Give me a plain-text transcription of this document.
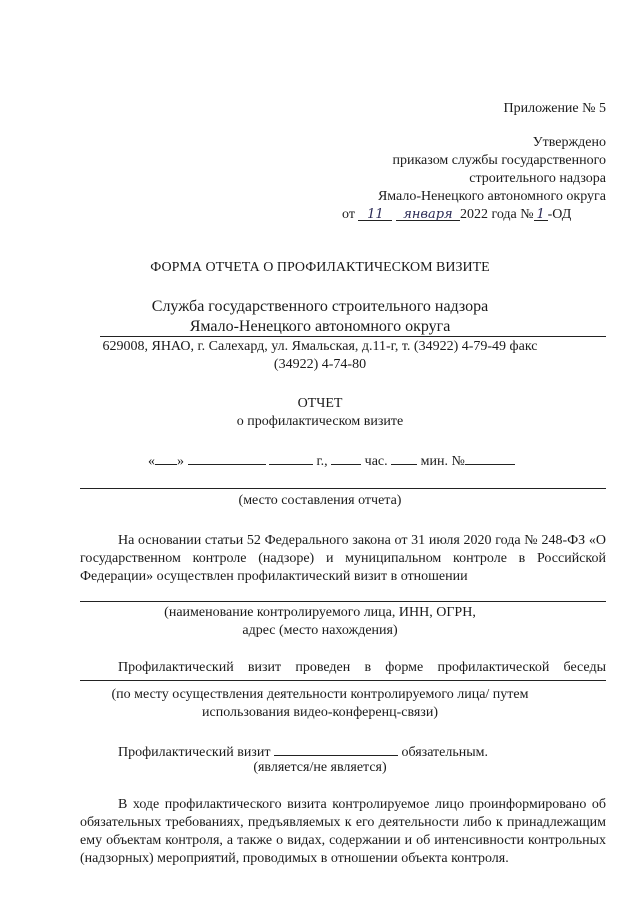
Приложение № 5
Утверждено
приказом службы государственного
строительного надзора
Ямало-Ненецкого автономного округа
от 11 января 2022 года № 1 -ОД
ФОРМА ОТЧЕТА О ПРОФИЛАКТИЧЕСКОМ ВИЗИТЕ
Служба государственного строительного надзора
Ямало-Ненецкого автономного округа
629008, ЯНАО, г. Салехард, ул. Ямальская, д.11-г, т. (34922) 4-79-49 факс
(34922) 4-74-80
ОТЧЕТ
о профилактическом визите
« »	г.,	час. мин. №
(место составления отчета)
На основании статьи 52 Федерального закона от 31 июля 2020 года № 248-ФЗ «О государственном контроле (надзоре) и муниципальном контроле в Российской Федерации» осуществлен профилактический визит в отношении
(наименование контролируемого лица, ИНН, ОГРН,
адрес (место нахождения)
Профилактический визит проведен в форме профилактической беседы
(по месту осуществления деятельности контролируемого лица/ путем
использования видео-конференц-связи)
Профилактический визит	обязательным.
(является/не является)
В ходе профилактического визита контролируемое лицо проинформировано об обязательных требованиях, предъявляемых к его деятельности либо к принадлежащим ему объектам контроля, а также о видах, содержании и об интенсивности контрольных (надзорных) мероприятий, проводимых в отношении объекта контроля.
